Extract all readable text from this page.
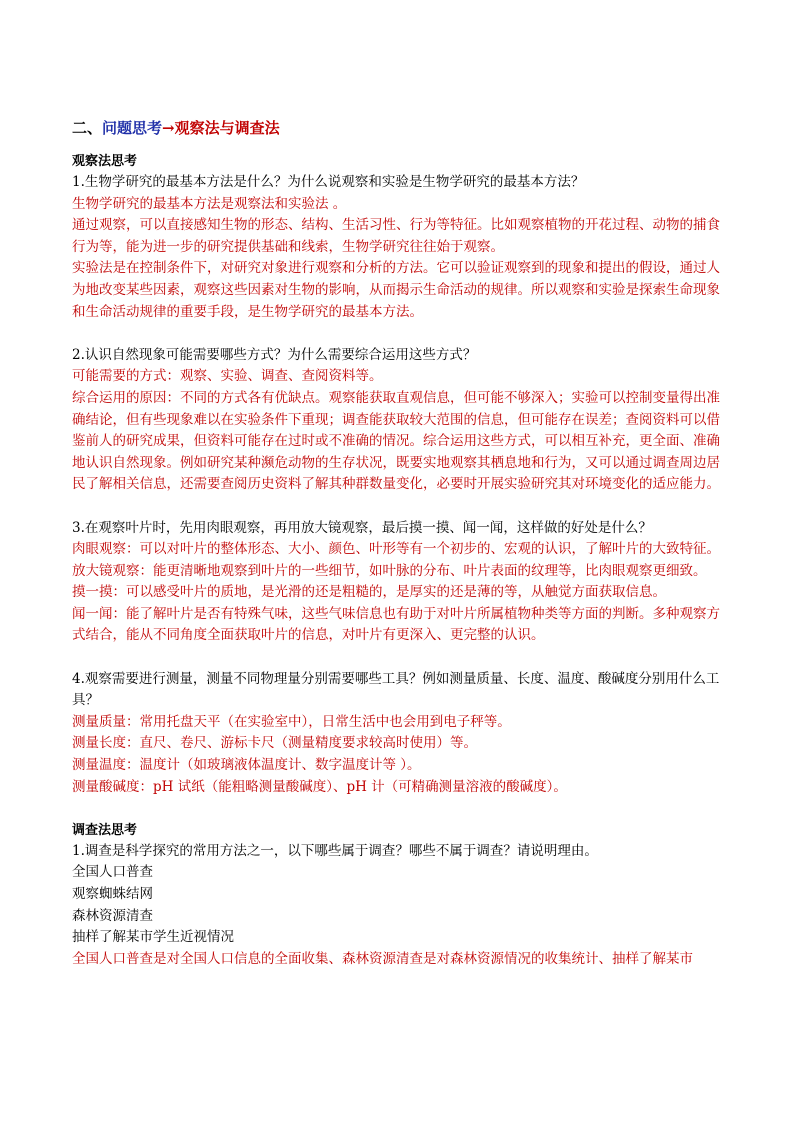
二、问题思考→观察法与调查法

观察法思考

1.生物学研究的最基本方法是什么？为什么说观察和实验是生物学研究的最基本方法？

生物学研究的最基本方法是观察法和实验法 。

通过观察，可以直接感知生物的形态、结构、生活习性、行为等特征。比如观察植物的开花过程、动物的捕食行为等，能为进一步的研究提供基础和线索，生物学研究往往始于观察。

实验法是在控制条件下，对研究对象进行观察和分析的方法。它可以验证观察到的现象和提出的假设，通过人为地改变某些因素，观察这些因素对生物的影响，从而揭示生命活动的规律。所以观察和实验是探索生命现象和生命活动规律的重要手段，是生物学研究的最基本方法。

2.认识自然现象可能需要哪些方式？为什么需要综合运用这些方式？

可能需要的方式：观察、实验、调查、查阅资料等。

综合运用的原因：不同的方式各有优缺点。观察能获取直观信息，但可能不够深入；实验可以控制变量得出准确结论，但有些现象难以在实验条件下重现；调查能获取较大范围的信息，但可能存在误差；查阅资料可以借鉴前人的研究成果，但资料可能存在过时或不准确的情况。综合运用这些方式，可以相互补充，更全面、准确地认识自然现象。例如研究某种濒危动物的生存状况，既要实地观察其栖息地和行为，又可以通过调查周边居民了解相关信息，还需要查阅历史资料了解其种群数量变化，必要时开展实验研究其对环境变化的适应能力。

3.在观察叶片时，先用肉眼观察，再用放大镜观察，最后摸一摸、闻一闻，这样做的好处是什么？

肉眼观察：可以对叶片的整体形态、大小、颜色、叶形等有一个初步的、宏观的认识，了解叶片的大致特征。

放大镜观察：能更清晰地观察到叶片的一些细节，如叶脉的分布、叶片表面的纹理等，比肉眼观察更细致。

摸一摸：可以感受叶片的质地，是光滑的还是粗糙的，是厚实的还是薄的等，从触觉方面获取信息。

闻一闻：能了解叶片是否有特殊气味，这些气味信息也有助于对叶片所属植物种类等方面的判断。多种观察方式结合，能从不同角度全面获取叶片的信息，对叶片有更深入、更完整的认识。

4.观察需要进行测量，测量不同物理量分别需要哪些工具？例如测量质量、长度、温度、酸碱度分别用什么工具？

测量质量：常用托盘天平（在实验室中），日常生活中也会用到电子秤等。

测量长度：直尺、卷尺、游标卡尺（测量精度要求较高时使用）等。

测量温度：温度计（如玻璃液体温度计、数字温度计等 ）。

测量酸碱度：pH 试纸（能粗略测量酸碱度）、pH 计（可精确测量溶液的酸碱度）。

调查法思考

1.调查是科学探究的常用方法之一，以下哪些属于调查？哪些不属于调查？请说明理由。

全国人口普查

观察蜘蛛结网

森林资源清查

抽样了解某市学生近视情况

全国人口普查是对全国人口信息的全面收集、森林资源清查是对森林资源情况的收集统计、抽样了解某市
